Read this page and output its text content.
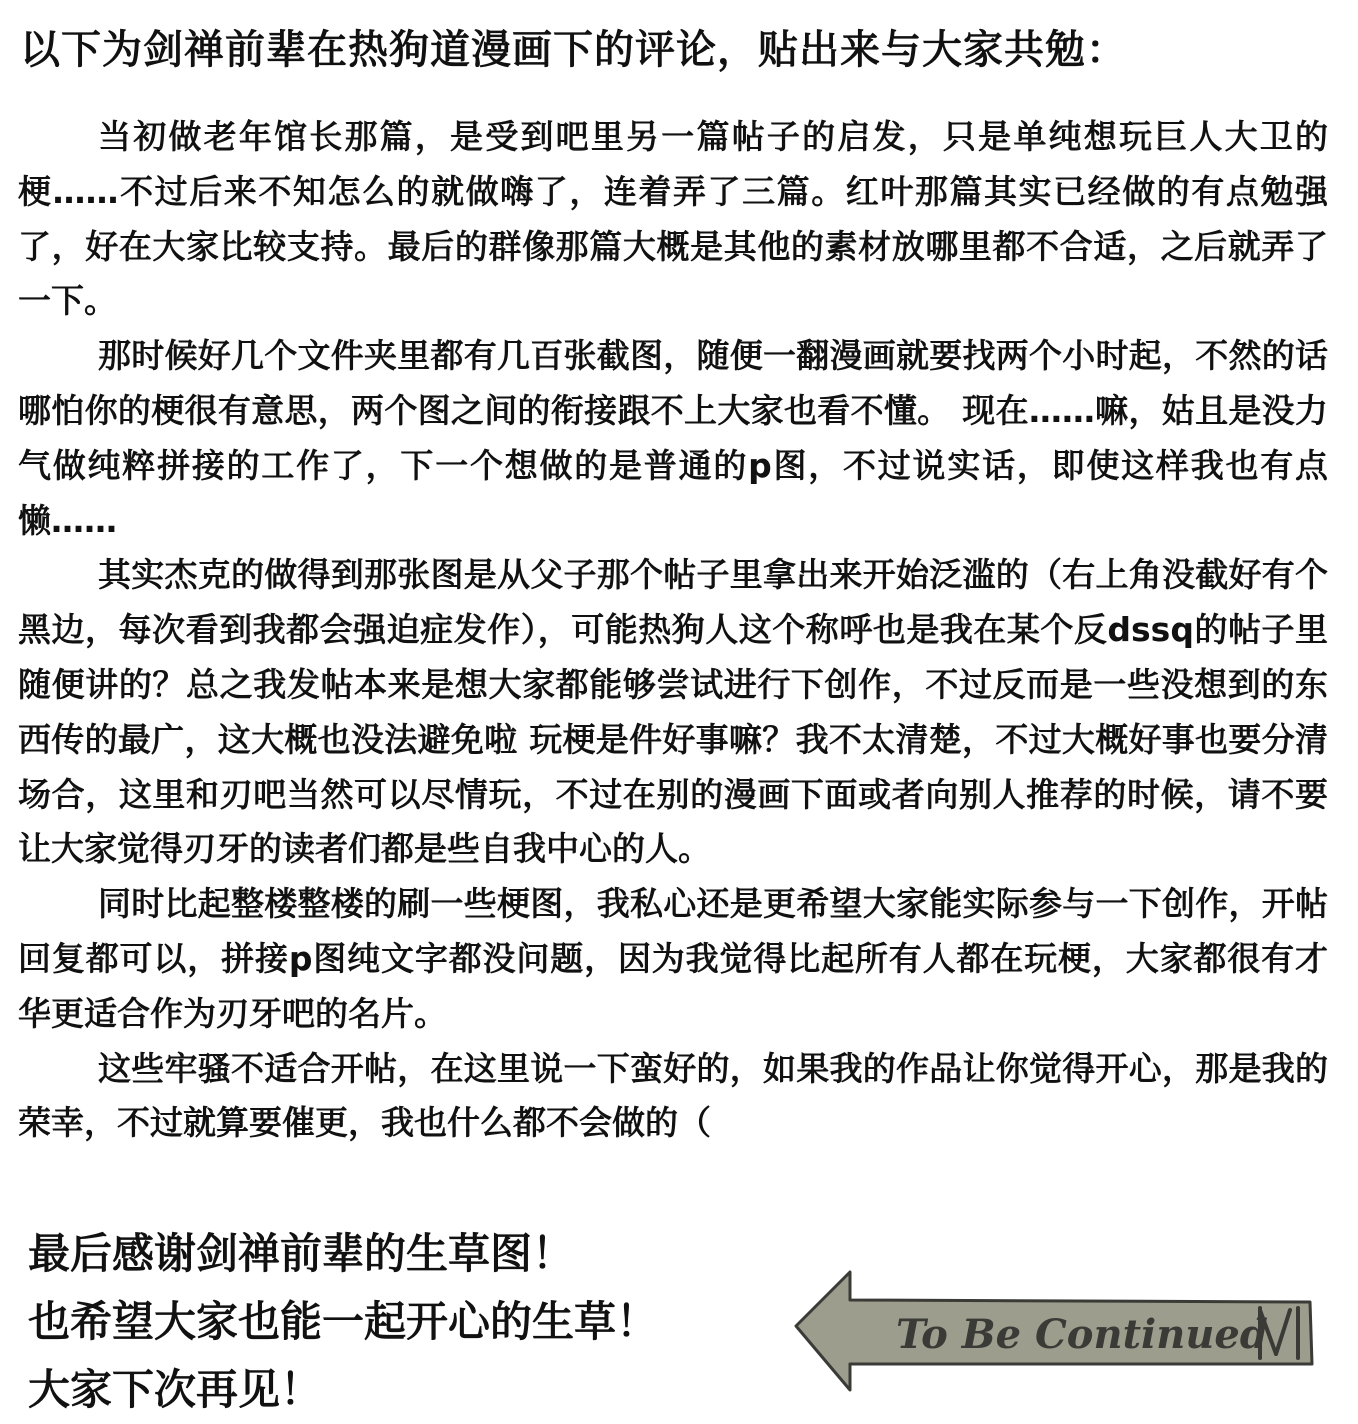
以下为剑禅前辈在热狗道漫画下的评论，贴出来与大家共勉：

当初做老年馆长那篇，是受到吧里另一篇帖子的启发，只是单纯想玩巨人大卫的梗……不过后来不知怎么的就做嗨了，连着弄了三篇。红叶那篇其实已经做的有点勉强了，好在大家比较支持。最后的群像那篇大概是其他的素材放哪里都不合适，之后就弄了一下。

那时候好几个文件夹里都有几百张截图，随便一翻漫画就要找两个小时起，不然的话哪怕你的梗很有意思，两个图之间的衔接跟不上大家也看不懂。 现在……嘛，姑且是没力气做纯粹拼接的工作了，下一个想做的是普通的p图，不过说实话，即使这样我也有点懒……

其实杰克的做得到那张图是从父子那个帖子里拿出来开始泛滥的（右上角没截好有个黑边，每次看到我都会强迫症发作），可能热狗人这个称呼也是我在某个反dssq的帖子里随便讲的？总之我发帖本来是想大家都能够尝试进行下创作，不过反而是一些没想到的东西传的最广，这大概也没法避免啦 玩梗是件好事嘛？我不太清楚，不过大概好事也要分清场合，这里和刃吧当然可以尽情玩，不过在别的漫画下面或者向别人推荐的时候，请不要让大家觉得刃牙的读者们都是些自我中心的人。

同时比起整楼整楼的刷一些梗图，我私心还是更希望大家能实际参与一下创作，开帖回复都可以，拼接p图纯文字都没问题，因为我觉得比起所有人都在玩梗，大家都很有才华更适合作为刃牙吧的名片。

这些牢骚不适合开帖，在这里说一下蛮好的，如果我的作品让你觉得开心，那是我的荣幸，不过就算要催更，我也什么都不会做的（

最后感谢剑禅前辈的生草图！
也希望大家也能一起开心的生草！
大家下次再见！
To Be Continued
